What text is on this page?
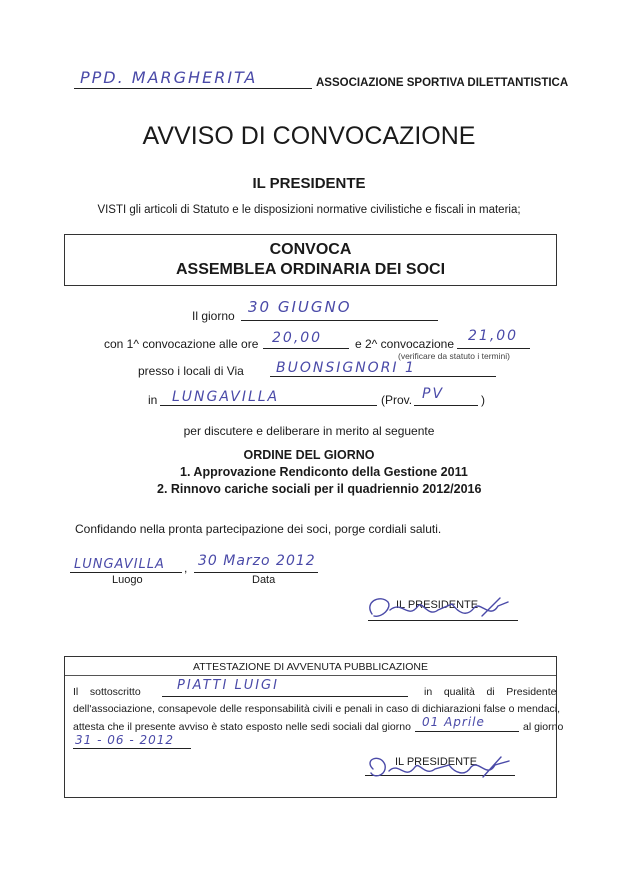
PPD. MARGHERITA	ASSOCIAZIONE SPORTIVA DILETTANTISTICA
AVVISO DI CONVOCAZIONE
IL PRESIDENTE
VISTI gli articoli di Statuto e le disposizioni normative civilistiche e fiscali in materia;
CONVOCA
ASSEMBLEA ORDINARIA DEI SOCI
Il giorno 30 GIUGNO
con 1^ convocazione alle ore 20,00	e 2^ convocazione 21,00
(verificare da statuto i termini)
presso i locali di Via BUONSIGNORI 1
in LUNGAVILLA	(Prov. PV	)
per discutere e deliberare in merito al seguente
ORDINE DEL GIORNO
1. Approvazione Rendiconto della Gestione 2011
2. Rinnovo cariche sociali per il quadriennio 2012/2016
Confidando nella pronta partecipazione dei soci, porge cordiali saluti.
LUNGAVILLA , 30 Marzo 2012
Luogo	Data
IL PRESIDENTE
ATTESTAZIONE DI AVVENUTA PUBBLICAZIONE
Il    sottoscritto	in    qualità    di    Presidente
PIATTI LUIGI
dell'associazione, consapevole delle responsabilità civili e penali in caso di dichiarazioni false o mendaci,
attesta che il presente avviso è stato esposto nelle sedi sociali dal giorno	al giorno
01 Aprile
31 - 06 - 2012
IL PRESIDENTE
